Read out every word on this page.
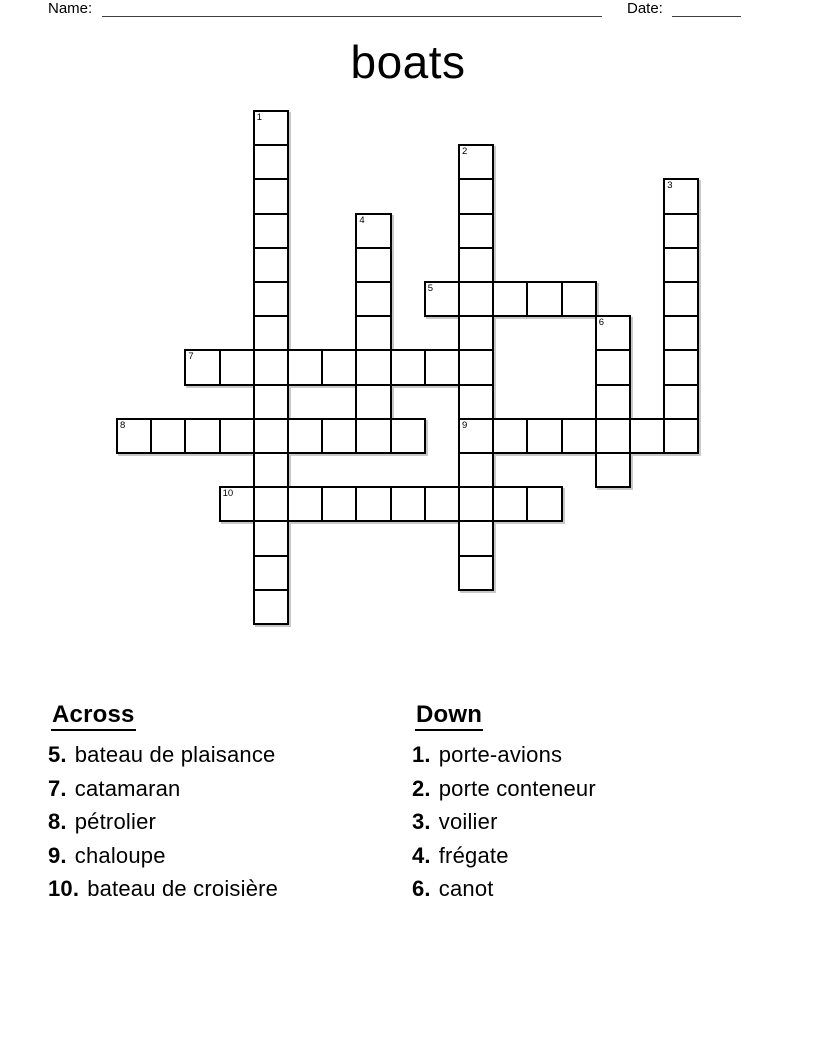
Name:	Date:
boats
1
2
3
4
5
6
7
8	9
10
Across
5. bateau de plaisance
7. catamaran
8. pétrolier
9. chaloupe
10. bateau de croisière
Down
1. porte-avions
2. porte conteneur
3. voilier
4. frégate
6. canot
